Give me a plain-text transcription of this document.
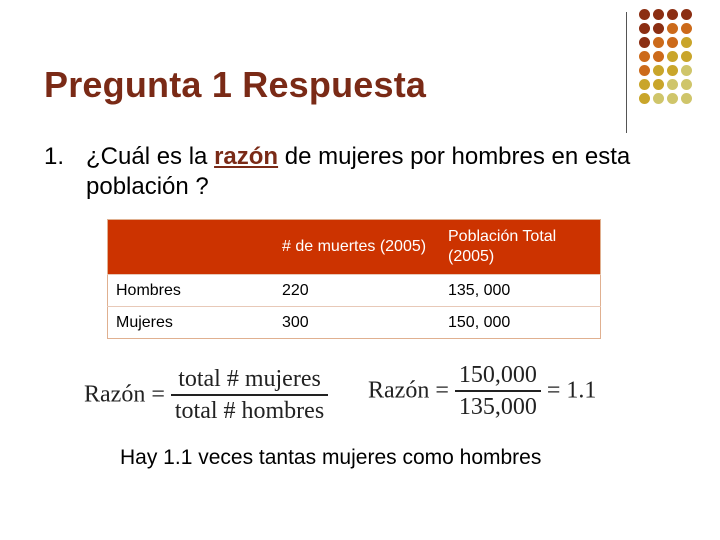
Pregunta 1 Respuesta
1. ¿Cuál es la razón de mujeres por hombres en esta población ?
	# de muertes (2005)	Población Total (2005)
Hombres	220	135, 000
Mujeres	300	150, 000
Razón = $\frac{\text{total \# mujeres}}{\text{total \# hombres}}$ Razón = $\frac{150,000}{135,000} = 1.1$
Hay 1.1 veces tantas mujeres como hombres
